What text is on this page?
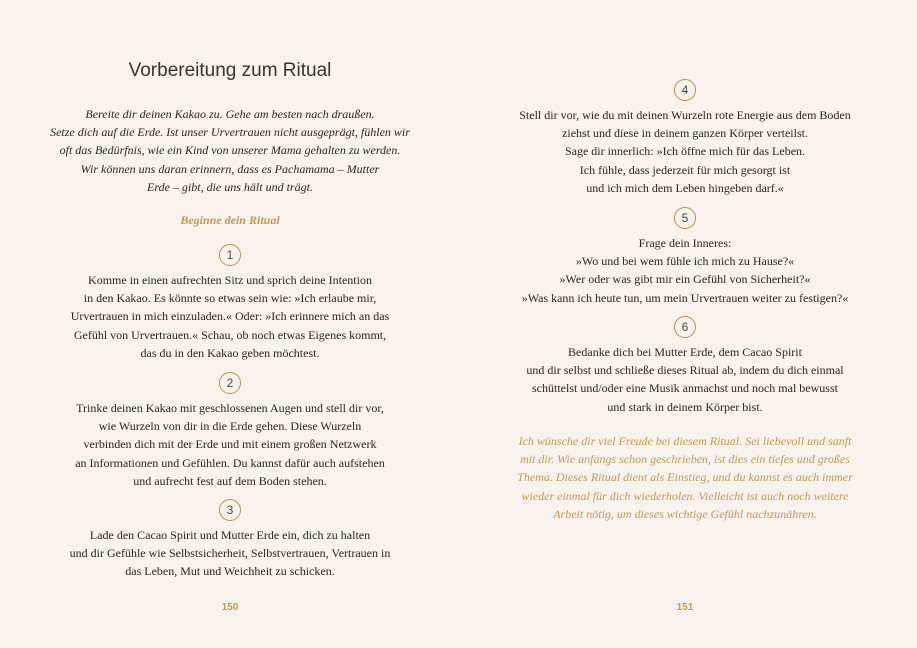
Vorbereitung zum Ritual
Bereite dir deinen Kakao zu. Gehe am besten nach draußen.
Setze dich auf die Erde. Ist unser Urvertrauen nicht ausgeprägt, fühlen wir
oft das Bedürfnis, wie ein Kind von unserer Mama gehalten zu werden.
Wir können uns daran erinnern, dass es Pachamama – Mutter
Erde – gibt, die uns hält und trägt.
Beginne dein Ritual
1
Komme in einen aufrechten Sitz und sprich deine Intention
in den Kakao. Es könnte so etwas sein wie: »Ich erlaube mir,
Urvertrauen in mich einzuladen.« Oder: »Ich erinnere mich an das
Gefühl von Urvertrauen.« Schau, ob noch etwas Eigenes kommt,
das du in den Kakao geben möchtest.
2
Trinke deinen Kakao mit geschlossenen Augen und stell dir vor,
wie Wurzeln von dir in die Erde gehen. Diese Wurzeln
verbinden dich mit der Erde und mit einem großen Netzwerk
an Informationen und Gefühlen. Du kannst dafür auch aufstehen
und aufrecht fest auf dem Boden stehen.
3
Lade den Cacao Spirit und Mutter Erde ein, dich zu halten
und dir Gefühle wie Selbstsicherheit, Selbstvertrauen, Vertrauen in
das Leben, Mut und Weichheit zu schicken.
150
4
Stell dir vor, wie du mit deinen Wurzeln rote Energie aus dem Boden
ziehst und diese in deinem ganzen Körper verteilst.
Sage dir innerlich: »Ich öffne mich für das Leben.
Ich fühle, dass jederzeit für mich gesorgt ist
und ich mich dem Leben hingeben darf.«
5
Frage dein Inneres:
»Wo und bei wem fühle ich mich zu Hause?«
»Wer oder was gibt mir ein Gefühl von Sicherheit?«
»Was kann ich heute tun, um mein Urvertrauen weiter zu festigen?«
6
Bedanke dich bei Mutter Erde, dem Cacao Spirit
und dir selbst und schließe dieses Ritual ab, indem du dich einmal
schüttelst und/oder eine Musik anmachst und noch mal bewusst
und stark in deinem Körper bist.
Ich wünsche dir viel Freude bei diesem Ritual. Sei liebevoll und sanft
mit dir. Wie anfangs schon geschrieben, ist dies ein tiefes und großes
Thema. Dieses Ritual dient als Einstieg, und du kannst es auch immer
wieder einmal für dich wiederholen. Vielleicht ist auch noch weitere
Arbeit nötig, um dieses wichtige Gefühl nachzunähren.
151
